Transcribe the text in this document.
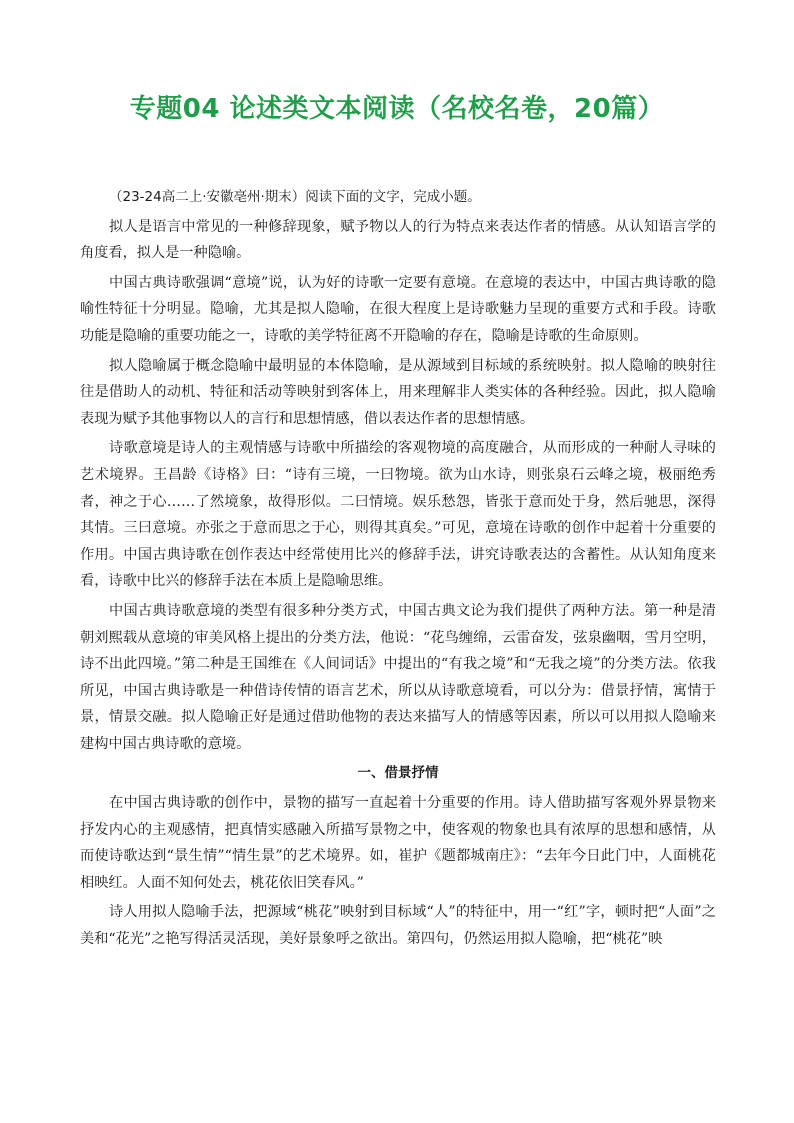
专题04 论述类文本阅读（名校名卷，20篇）

（23-24高二上·安徽亳州·期末）阅读下面的文字，完成小题。

拟人是语言中常见的一种修辞现象，赋予物以人的行为特点来表达作者的情感。从认知语言学的角度看，拟人是一种隐喻。

中国古典诗歌强调“意境”说，认为好的诗歌一定要有意境。在意境的表达中，中国古典诗歌的隐喻性特征十分明显。隐喻，尤其是拟人隐喻，在很大程度上是诗歌魅力呈现的重要方式和手段。诗歌功能是隐喻的重要功能之一，诗歌的美学特征离不开隐喻的存在，隐喻是诗歌的生命原则。

拟人隐喻属于概念隐喻中最明显的本体隐喻，是从源域到目标域的系统映射。拟人隐喻的映射往往是借助人的动机、特征和活动等映射到客体上，用来理解非人类实体的各种经验。因此，拟人隐喻表现为赋予其他事物以人的言行和思想情感，借以表达作者的思想情感。

诗歌意境是诗人的主观情感与诗歌中所描绘的客观物境的高度融合，从而形成的一种耐人寻味的艺术境界。王昌龄《诗格》曰：“诗有三境，一曰物境。欲为山水诗，则张泉石云峰之境，极丽绝秀者，神之于心……了然境象，故得形似。二曰情境。娱乐愁怨，皆张于意而处于身，然后驰思，深得其情。三曰意境。亦张之于意而思之于心，则得其真矣。”可见，意境在诗歌的创作中起着十分重要的作用。中国古典诗歌在创作表达中经常使用比兴的修辞手法，讲究诗歌表达的含蓄性。从认知角度来看，诗歌中比兴的修辞手法在本质上是隐喻思维。

中国古典诗歌意境的类型有很多种分类方式，中国古典文论为我们提供了两种方法。第一种是清朝刘熙载从意境的审美风格上提出的分类方法，他说：“花鸟缠绵，云雷奋发，弦泉幽咽，雪月空明，诗不出此四境。”第二种是王国维在《人间词话》中提出的“有我之境”和“无我之境”的分类方法。依我所见，中国古典诗歌是一种借诗传情的语言艺术，所以从诗歌意境看，可以分为：借景抒情，寓情于景，情景交融。拟人隐喻正好是通过借助他物的表达来描写人的情感等因素，所以可以用拟人隐喻来建构中国古典诗歌的意境。

一、借景抒情

在中国古典诗歌的创作中，景物的描写一直起着十分重要的作用。诗人借助描写客观外界景物来抒发内心的主观感情，把真情实感融入所描写景物之中，使客观的物象也具有浓厚的思想和感情，从而使诗歌达到“景生情”“情生景”的艺术境界。如，崔护《题都城南庄》：“去年今日此门中，人面桃花相映红。人面不知何处去，桃花依旧笑春风。”

诗人用拟人隐喻手法，把源域“桃花”映射到目标域“人”的特征中，用一“红”字，顿时把“人面”之美和“花光”之艳写得活灵活现，美好景象呼之欲出。第四句，仍然运用拟人隐喻，把“桃花”映
